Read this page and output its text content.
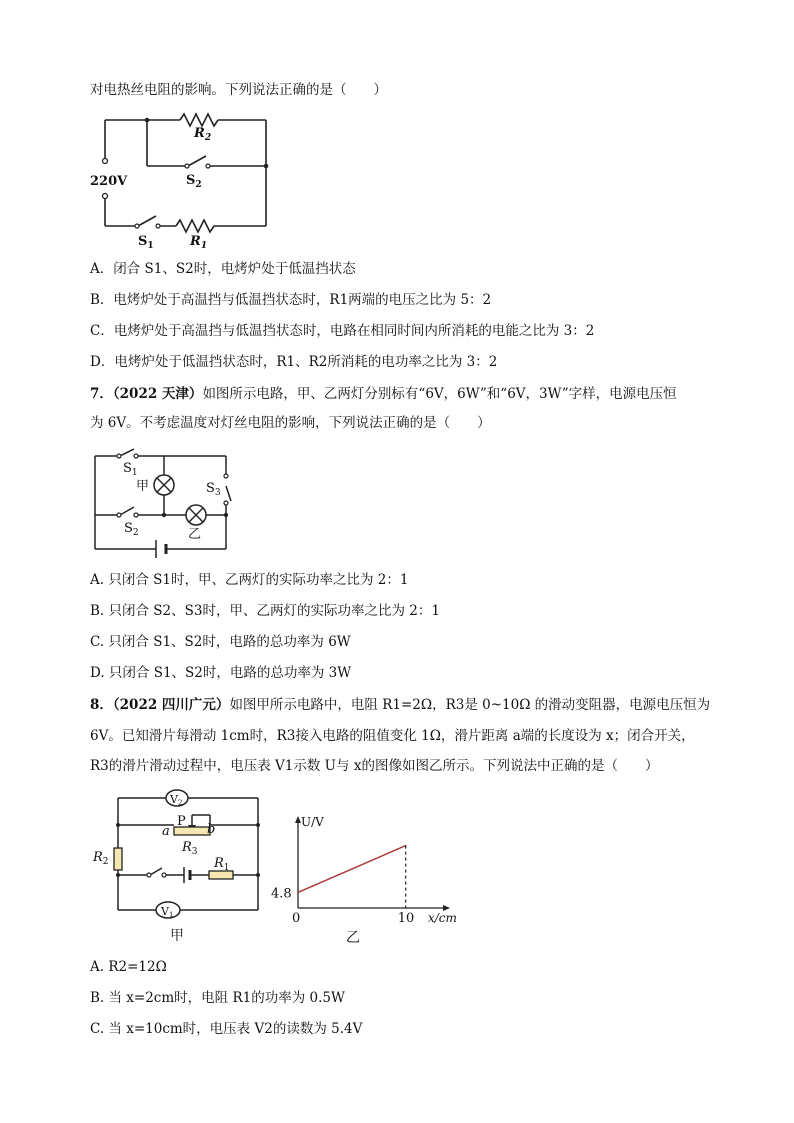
对电热丝电阻的影响。下列说法正确的是（　　）
$R_2$
220V	$S_2$
$S_1$	$R_1$
A．闭合 S1、S2时，电烤炉处于低温挡状态
B．电烤炉处于高温挡与低温挡状态时，R1两端的电压之比为 5：2
C．电烤炉处于高温挡与低温挡状态时，电路在相同时间内所消耗的电能之比为 3：2
D．电烤炉处于低温挡状态时，R1、R2所消耗的电功率之比为 3：2
7．（2022 天津）如图所示电路，甲、乙两灯分别标有“6V，6W”和“6V，3W”字样，电源电压恒
为 6V。不考虑温度对灯丝电阻的影响，下列说法正确的是（　　）
$S_1$
甲	$S_3$
$S_2$	乙
A. 只闭合 S1时，甲、乙两灯的实际功率之比为 2：1
B. 只闭合 S2、S3时，甲、乙两灯的实际功率之比为 2：1
C. 只闭合 S1、S2时，电路的总功率为 6W
D. 只闭合 S1、S2时，电路的总功率为 3W
8．（2022 四川广元）如图甲所示电路中，电阻 R1=2Ω，R3是 0~10Ω 的滑动变阻器，电源电压恒为
6V。已知滑片每滑动 1cm时，R3接入电路的阻值变化 1Ω，滑片距离 a端的长度设为 x；闭合开关，
R3的滑片滑动过程中，电压表 V1示数 U与 x的图像如图乙所示。下列说法中正确的是（　　）
V2
a
P
b
$R_3$
$R_2$	$R_1$
V1
甲
U/V
x/cm
0	10
4.8
乙
A. R2=12Ω
B. 当 x=2cm时，电阻 R1的功率为 0.5W
C. 当 x=10cm时，电压表 V2的读数为 5.4V
